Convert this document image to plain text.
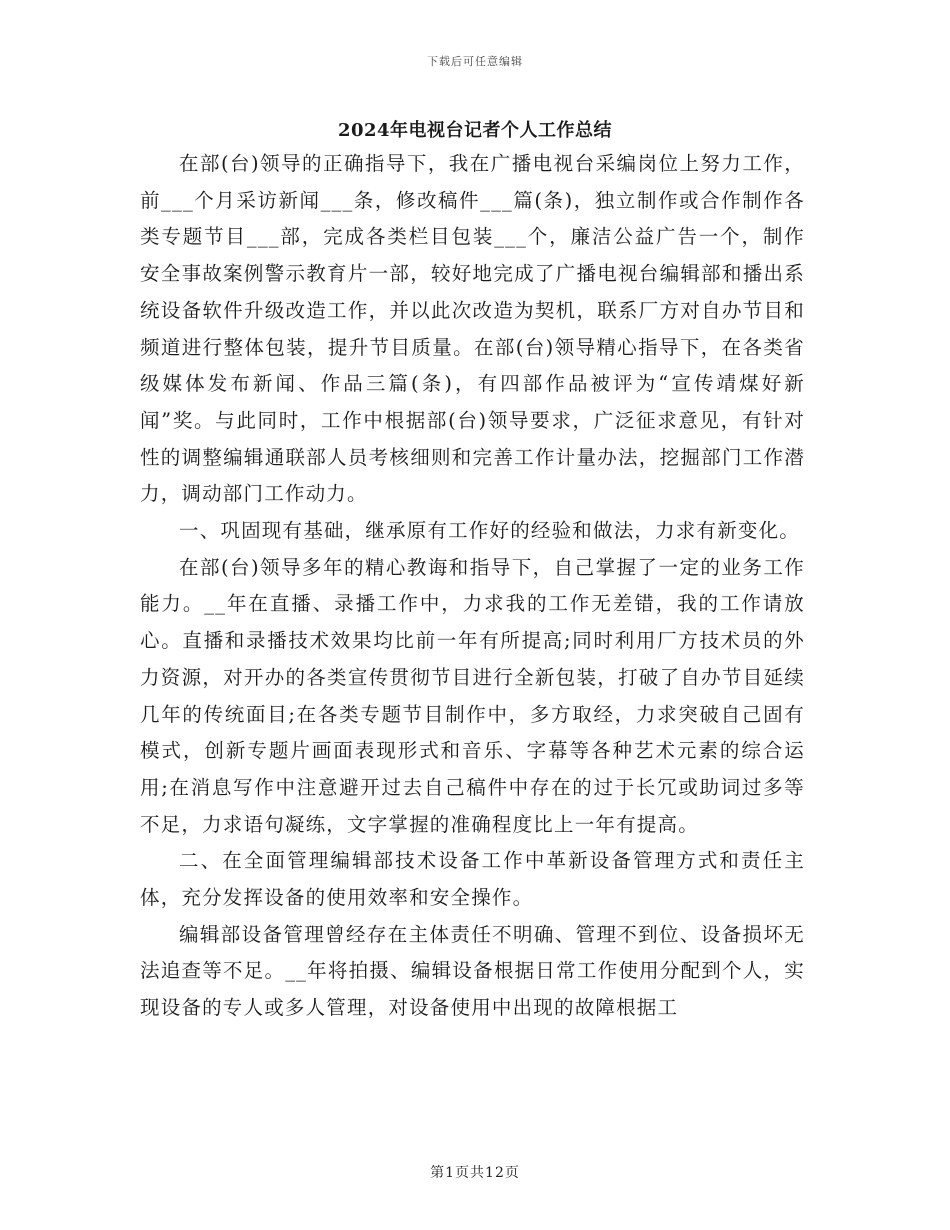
下载后可任意编辑
2024年电视台记者个人工作总结

在部(台)领导的正确指导下，我在广播电视台采编岗位上努力工作，前___个月采访新闻___条，修改稿件___篇(条)，独立制作或合作制作各类专题节目___部，完成各类栏目包装___个，廉洁公益广告一个，制作安全事故案例警示教育片一部，较好地完成了广播电视台编辑部和播出系统设备软件升级改造工作，并以此次改造为契机，联系厂方对自办节目和频道进行整体包装，提升节目质量。在部(台)领导精心指导下，在各类省级媒体发布新闻、作品三篇(条)，有四部作品被评为“宣传靖煤好新闻”奖。与此同时，工作中根据部(台)领导要求，广泛征求意见，有针对性的调整编辑通联部人员考核细则和完善工作计量办法，挖掘部门工作潜力，调动部门工作动力。

一、巩固现有基础，继承原有工作好的经验和做法，力求有新变化。

在部(台)领导多年的精心教诲和指导下，自己掌握了一定的业务工作能力。__年在直播、录播工作中，力求我的工作无差错，我的工作请放心。直播和录播技术效果均比前一年有所提高;同时利用厂方技术员的外力资源，对开办的各类宣传贯彻节目进行全新包装，打破了自办节目延续几年的传统面目;在各类专题节目制作中，多方取经，力求突破自己固有模式，创新专题片画面表现形式和音乐、字幕等各种艺术元素的综合运用;在消息写作中注意避开过去自己稿件中存在的过于长冗或助词过多等不足，力求语句凝练，文字掌握的准确程度比上一年有提高。

二、在全面管理编辑部技术设备工作中革新设备管理方式和责任主体，充分发挥设备的使用效率和安全操作。

编辑部设备管理曾经存在主体责任不明确、管理不到位、设备损坏无法追查等不足。__年将拍摄、编辑设备根据日常工作使用分配到个人，实现设备的专人或多人管理，对设备使用中出现的故障根据工

第1页共12页
